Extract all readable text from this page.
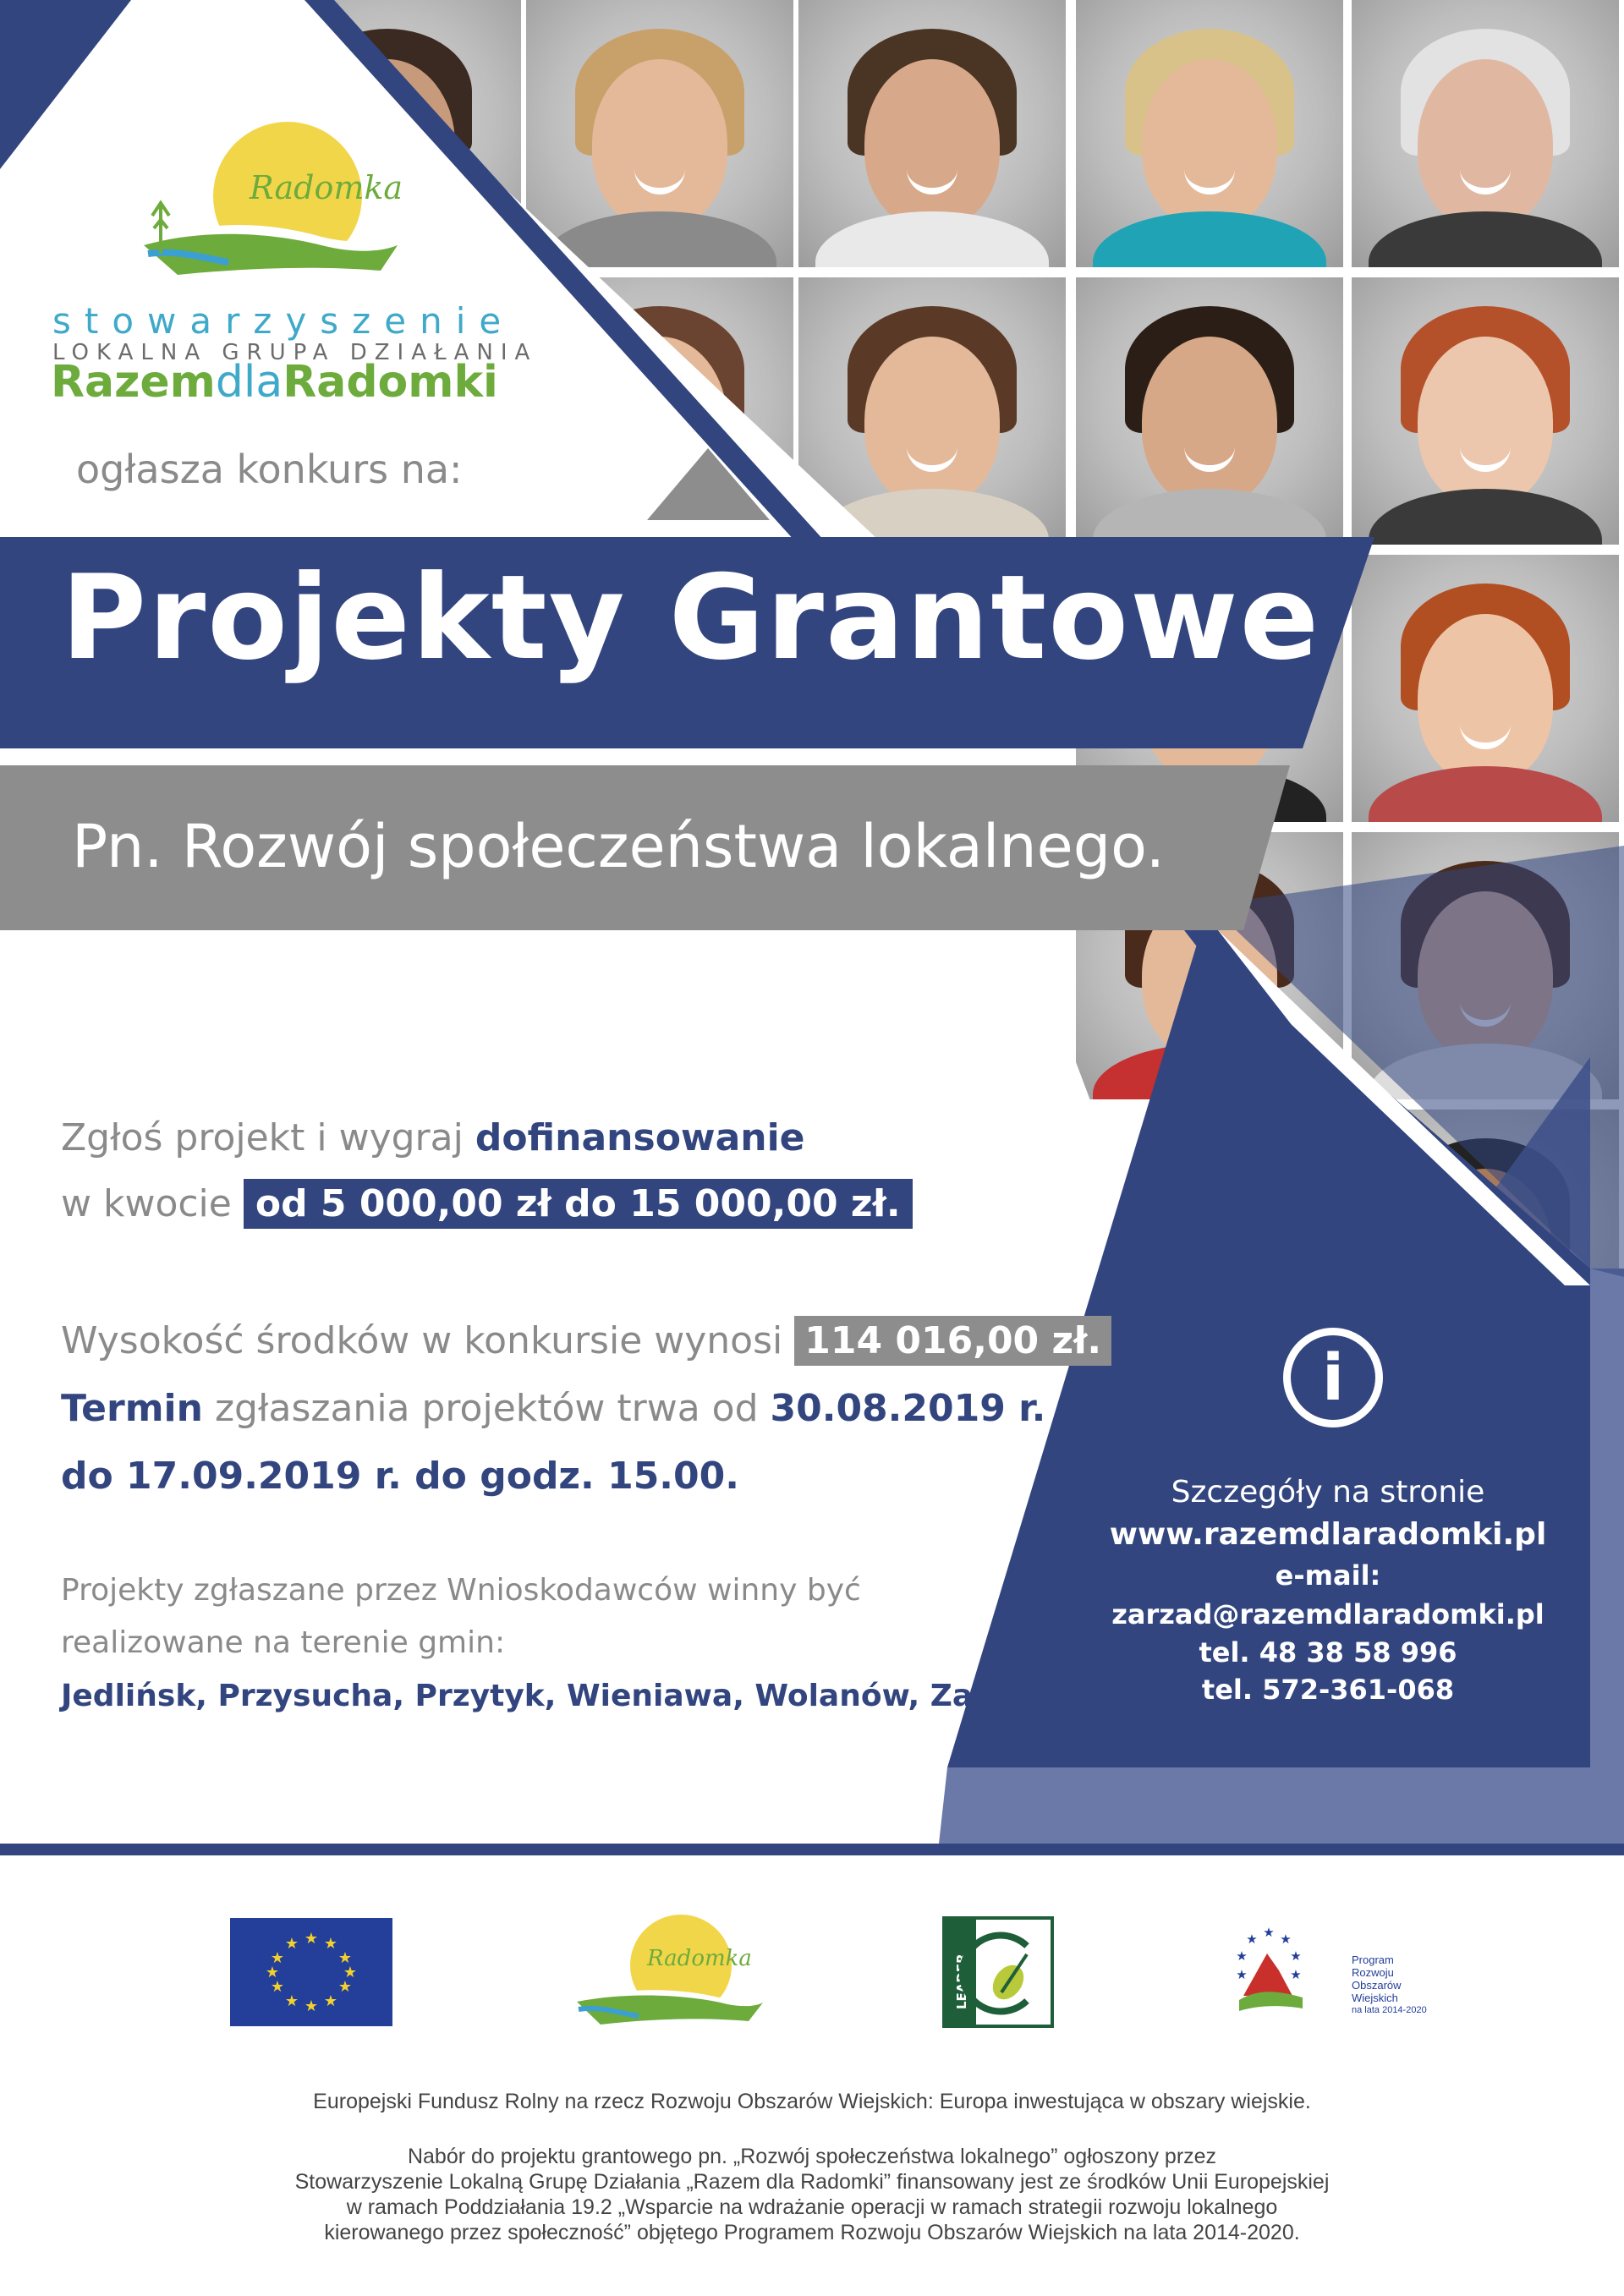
Projekty Grantowe
Pn. Rozwój społeczeństwa lokalnego.
Radomka
stowarzyszenie
LOKALNA GRUPA DZIAŁANIA
RazemdlaRadomki
ogłasza konkurs na:
Zgłoś projekt i wygraj dofinansowanie
w kwocie od 5 000,00 zł do 15 000,00 zł.
Wysokość środków w konkursie wynosi 114 016,00 zł.
Termin zgłaszania projektów trwa od 30.08.2019 r.
do 17.09.2019 r. do godz. 15.00.
Projekty zgłaszane przez Wnioskodawców winny być
realizowane na terenie gmin:
Jedlińsk, Przysucha, Przytyk, Wieniawa, Wolanów, Zakrzew.
i
Szczegóły na stronie
www.razemdlaradomki.pl
e-mail: zarzad@razemdlaradomki.pl
tel. 48 38 58 996
tel. 572-361-068
★ ★
★
★
★
★
★
★
★
★
★
★
Radomka	LEADER
★ ★
★
★
★
★
★
Program
Rozwoju
Obszarów
Wiejskich
na lata 2014-2020
Europejski Fundusz Rolny na rzecz Rozwoju Obszarów Wiejskich: Europa inwestująca w obszary wiejskie.
Nabór do projektu grantowego pn. „Rozwój społeczeństwa lokalnego” ogłoszony przez
Stowarzyszenie Lokalną Grupę Działania „Razem dla Radomki” finansowany jest ze środków Unii Europejskiej
w ramach Poddziałania 19.2 „Wsparcie na wdrażanie operacji w ramach strategii rozwoju lokalnego
kierowanego przez społeczność” objętego Programem Rozwoju Obszarów Wiejskich na lata 2014-2020.
